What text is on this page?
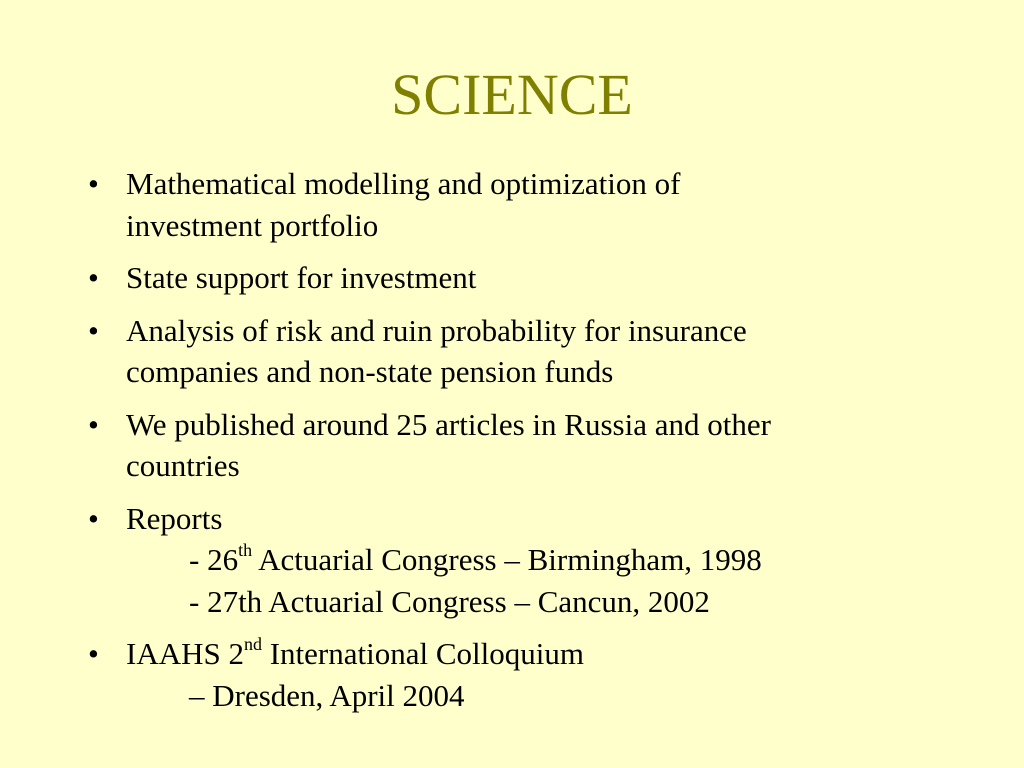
SCIENCE
• Mathematical modelling and optimization of
investment portfolio
• State support for investment
• Analysis of risk and ruin probability for insurance
companies and non-state pension funds
• We published around 25 articles in Russia and other
countries
• Reports
- 26th Actuarial Congress – Birmingham, 1998
- 27th Actuarial Congress – Cancun, 2002
• IAAHS 2nd International Colloquium
– Dresden, April 2004
